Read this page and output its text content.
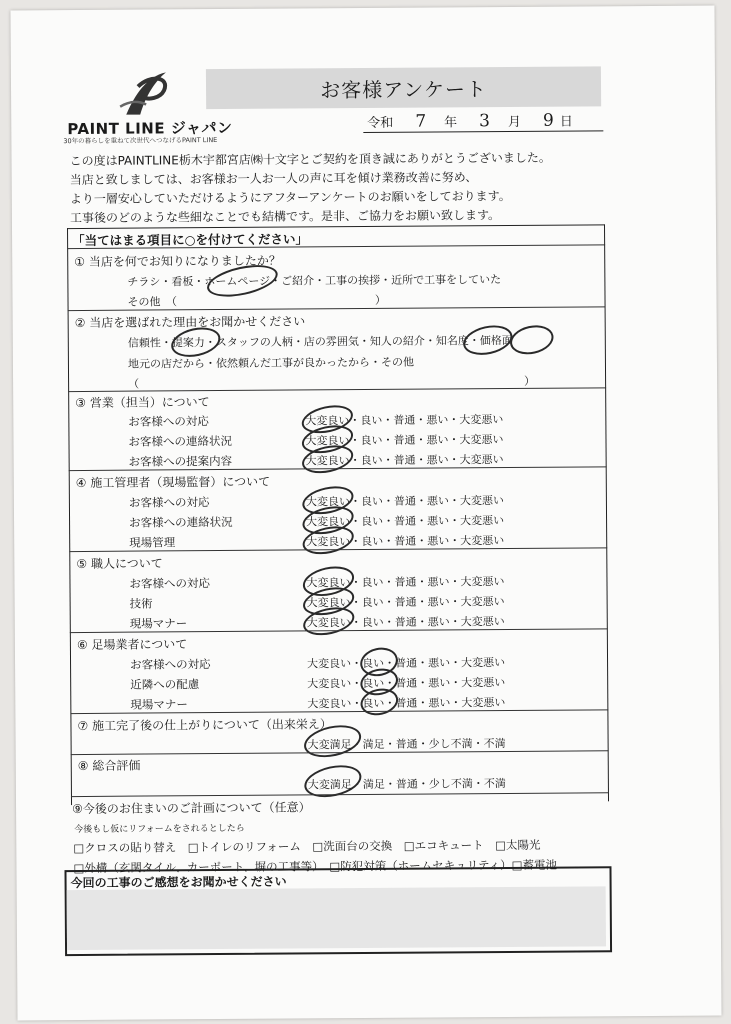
PAINT LINE ジャパン
30年の暮らしを重ねて次世代へつなげるPAINT LINE
お客様アンケート
令和 7 年 3 月 9 日
この度はPAINTLINE栃木宇都宮店㈱十文字とご契約を頂き誠にありがとうございました。
当店と致しましては、お客様お一人お一人の声に耳を傾け業務改善に努め、
より一層安心していただけるようにアフターアンケートのお願いをしております。
工事後のどのような些細なことでも結構です。是非、ご協力をお願い致します。
「当てはまる項目に○を付けてください」
① 当店を何でお知りになりましたか？
チラシ・看板・ホームページ・ご紹介・工事の挨拶・近所で工事をしていた
その他　（　　　　　　　　　　　　　　　　　　）
② 当店を選ばれた理由をお聞かせください
信頼性・提案力・スタッフの人柄・店の雰囲気・知人の紹介・知名度・価格面
地元の店だから・依然頼んだ工事が良かったから・その他
（　　　　　　　　　　　　　　　　　　　　　　　　　　　　　　　　　　　）
③ 営業（担当）について
お客様への対応	大変良い・良い・普通・悪い・大変悪い
お客様への連絡状況	大変良い・良い・普通・悪い・大変悪い
お客様への提案内容	大変良い・良い・普通・悪い・大変悪い
④ 施工管理者（現場監督）について
お客様への対応	大変良い・良い・普通・悪い・大変悪い
お客様への連絡状況	大変良い・良い・普通・悪い・大変悪い
現場管理	大変良い・良い・普通・悪い・大変悪い
⑤ 職人について
お客様への対応	大変良い・良い・普通・悪い・大変悪い
技術	大変良い・良い・普通・悪い・大変悪い
現場マナー	大変良い・良い・普通・悪い・大変悪い
⑥ 足場業者について
お客様への対応	大変良い・良い・普通・悪い・大変悪い
近隣への配慮	大変良い・良い・普通・悪い・大変悪い
現場マナー	大変良い・良い・普通・悪い・大変悪い
⑦ 施工完了後の仕上がりについて（出来栄え）
大変満足・満足・普通・少し不満・不満
⑧ 総合評価
大変満足・満足・普通・少し不満・不満
⑨今後のお住まいのご計画について（任意）
今後もし仮にリフォームをされるとしたら
□クロスの貼り替え　□トイレのリフォーム　□洗面台の交換　□エコキュート　□太陽光
□外構（玄関タイル、カーポート、塀の工事等）　□防犯対策（ホームセキュリティ）□蓄電池
今回の工事のご感想をお聞かせください
